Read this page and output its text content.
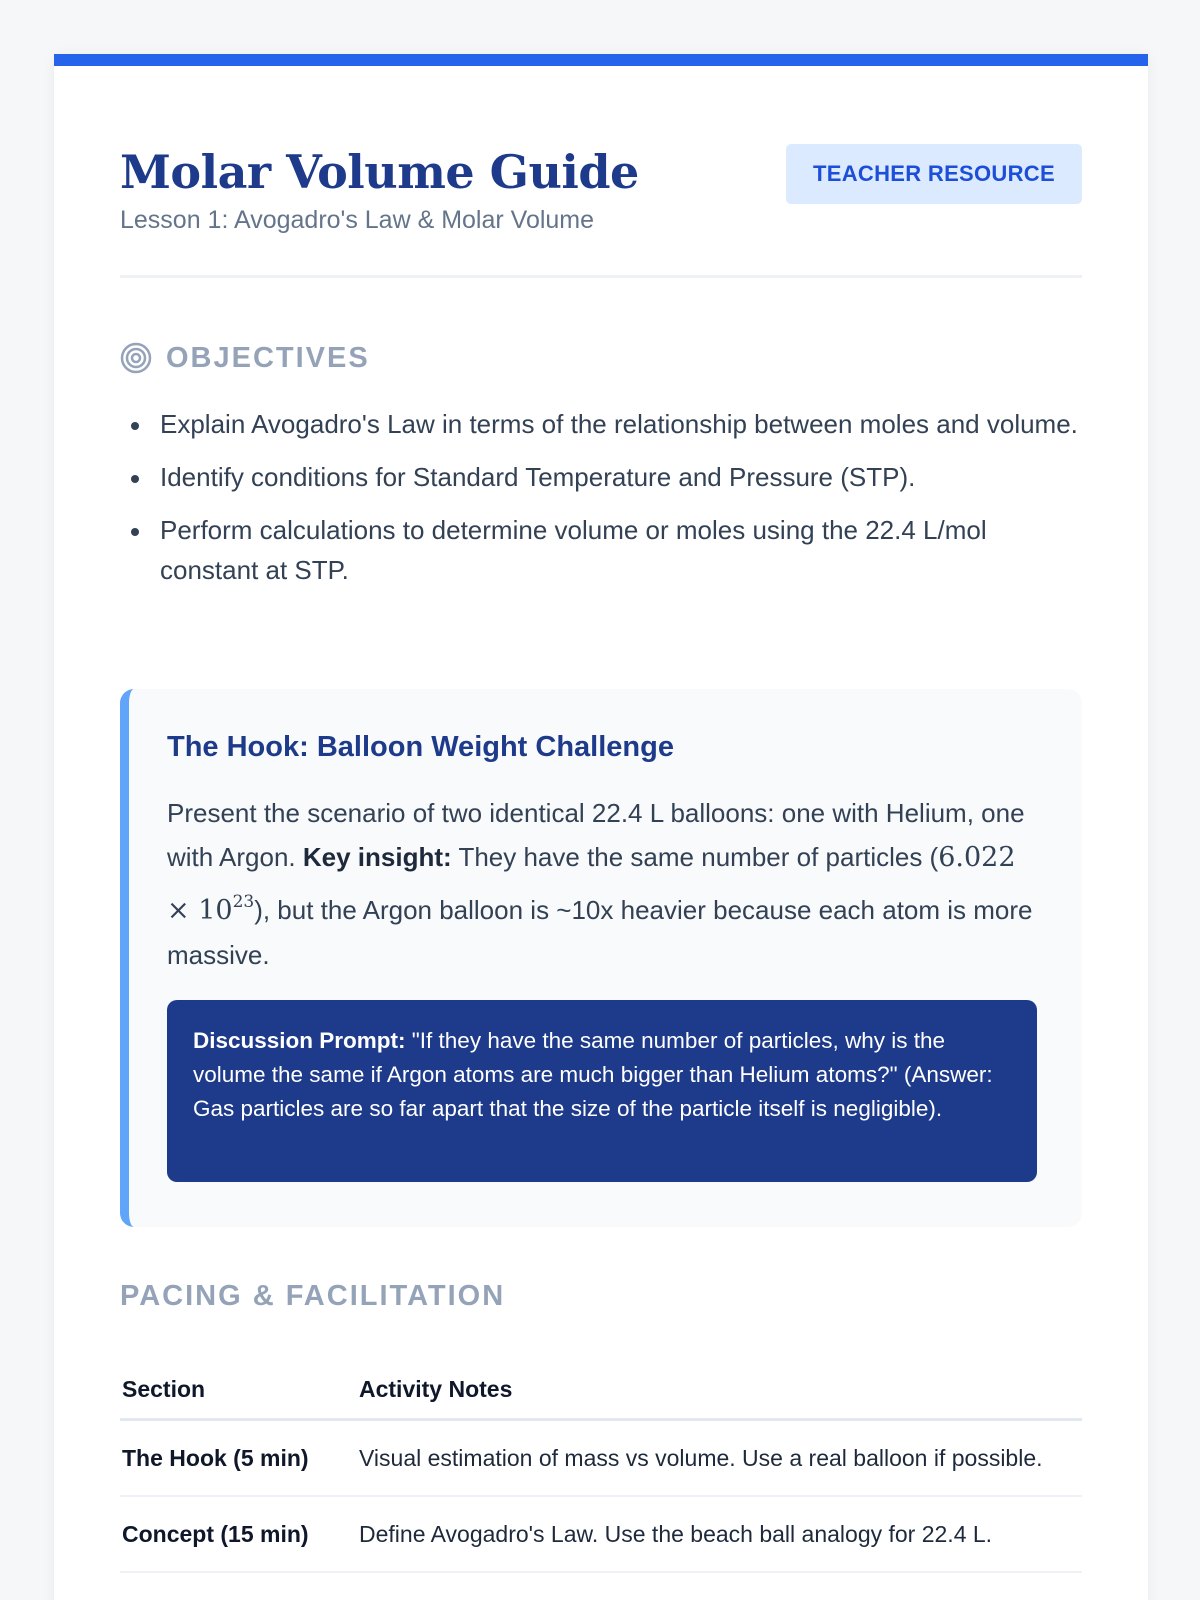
Molar Volume Guide
Lesson 1: Avogadro's Law & Molar Volume
TEACHER RESOURCE
OBJECTIVES
Explain Avogadro's Law in terms of the relationship between moles and volume.
Identify conditions for Standard Temperature and Pressure (STP).
Perform calculations to determine volume or moles using the 22.4 L/mol constant at STP.
The Hook: Balloon Weight Challenge

Present the scenario of two identical 22.4 L balloons: one with Helium, one with Argon. Key insight: They have the same number of particles $(6.022 \times 10^{23})$, but the Argon balloon is ~10x heavier because each atom is more massive.

Discussion Prompt: "If they have the same number of particles, why is the volume the same if Argon atoms are much bigger than Helium atoms?" (Answer: Gas particles are so far apart that the size of the particle itself is negligible).
PACING & FACILITATION
Section	Activity Notes
The Hook (5 min)	Visual estimation of mass vs volume. Use a real balloon if possible.
Concept (15 min)	Define Avogadro's Law. Use the beach ball analogy for 22.4 L.
